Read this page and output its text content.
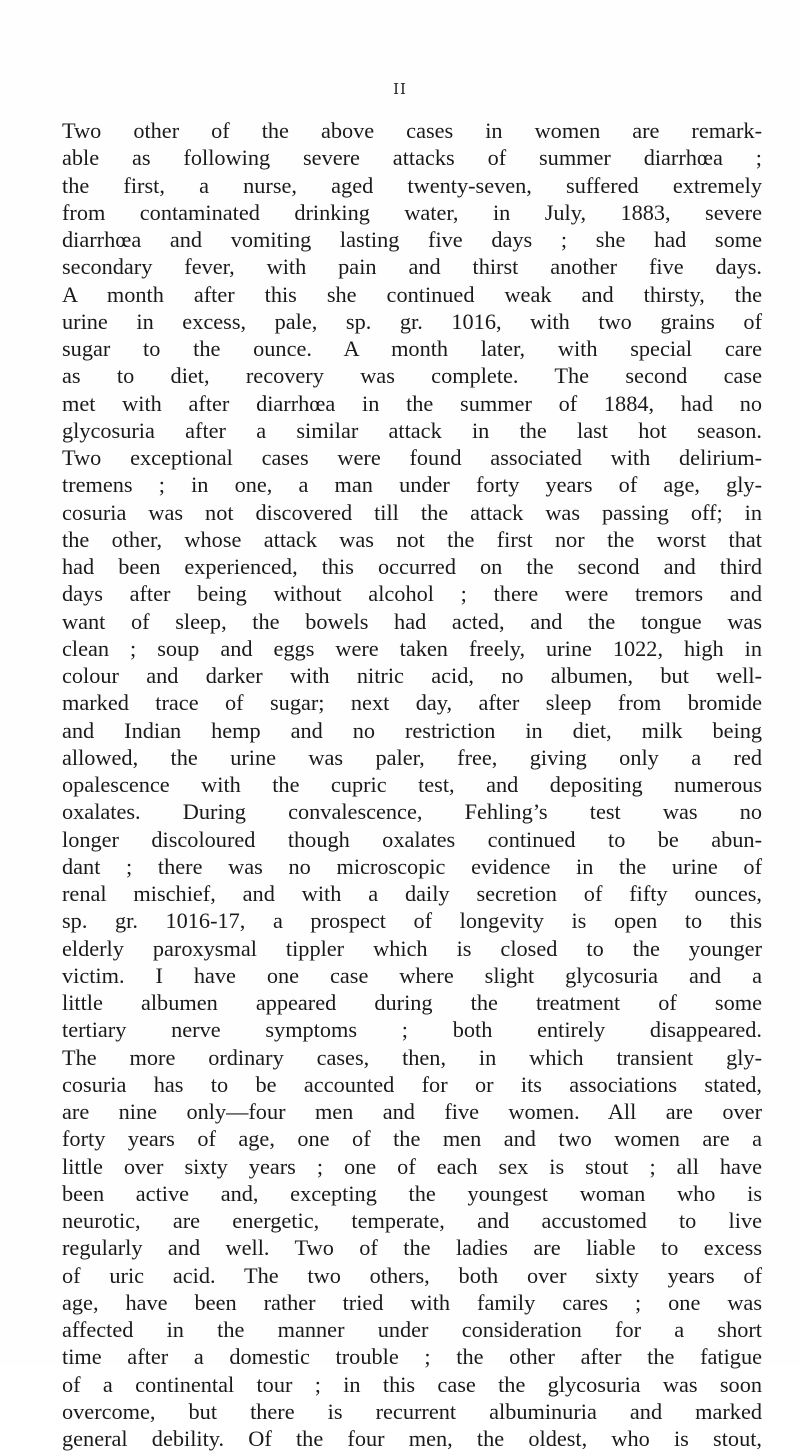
II
Two other of the above cases in women are remark-
able as following severe attacks of summer diarrhœa ;
the first, a nurse, aged twenty-seven, suffered extremely
from contaminated drinking water, in July, 1883, severe
diarrhœa and vomiting lasting five days ; she had some
secondary fever, with pain and thirst another five days.
A month after this she continued weak and thirsty, the
urine in excess, pale, sp. gr. 1016, with two grains of
sugar to the ounce. A month later, with special care
as to diet, recovery was complete. The second case
met with after diarrhœa in the summer of 1884, had no
glycosuria after a similar attack in the last hot season.
Two exceptional cases were found associated with delirium-
tremens ; in one, a man under forty years of age, gly-
cosuria was not discovered till the attack was passing off; in
the other, whose attack was not the first nor the worst that
had been experienced, this occurred on the second and third
days after being without alcohol ; there were tremors and
want of sleep, the bowels had acted, and the tongue was
clean ; soup and eggs were taken freely, urine 1022, high in
colour and darker with nitric acid, no albumen, but well-
marked trace of sugar; next day, after sleep from bromide
and Indian hemp and no restriction in diet, milk being
allowed, the urine was paler, free, giving only a red
opalescence with the cupric test, and depositing numerous
oxalates. During convalescence, Fehling’s test was no
longer discoloured though oxalates continued to be abun-
dant ; there was no microscopic evidence in the urine of
renal mischief, and with a daily secretion of fifty ounces,
sp. gr. 1016-17, a prospect of longevity is open to this
elderly paroxysmal tippler which is closed to the younger
victim. I have one case where slight glycosuria and a
little albumen appeared during the treatment of some
tertiary nerve symptoms ; both entirely disappeared.
The more ordinary cases, then, in which transient gly-
cosuria has to be accounted for or its associations stated,
are nine only—four men and five women. All are over
forty years of age, one of the men and two women are a
little over sixty years ; one of each sex is stout ; all have
been active and, excepting the youngest woman who is
neurotic, are energetic, temperate, and accustomed to live
regularly and well. Two of the ladies are liable to excess
of uric acid. The two others, both over sixty years of
age, have been rather tried with family cares ; one was
affected in the manner under consideration for a short
time after a domestic trouble ; the other after the fatigue
of a continental tour ; in this case the glycosuria was soon
overcome, but there is recurrent albuminuria and marked
general debility. Of the four men, the oldest, who is stout,
